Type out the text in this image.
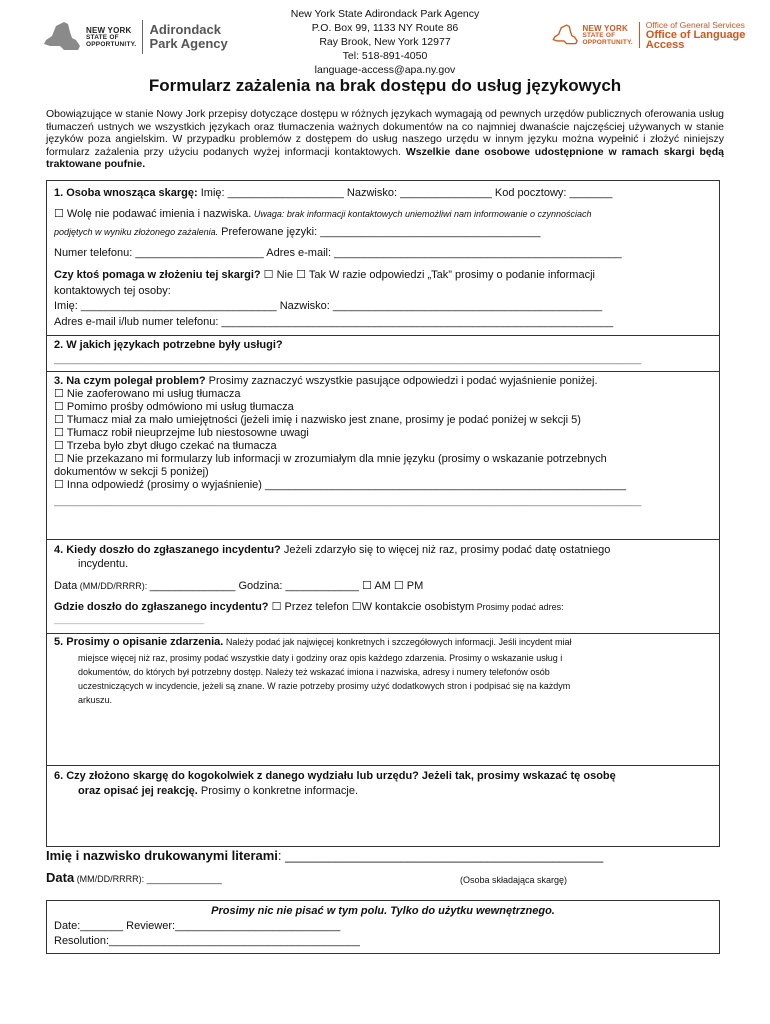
NEW YORK
STATE OF
OPPORTUNITY.
Adirondack
Park Agency
New York State Adirondack Park Agency
P.O. Box 99, 1133 NY Route 86
Ray Brook, New York 12977
Tel: 518-891-4050
language-access@apa.ny.gov
NEW YORK
STATE OF
OPPORTUNITY.
Office of General Services
Office of Language Access
Formularz zażalenia na brak dostępu do usług językowych
Obowiązujące w stanie Nowy Jork przepisy dotyczące dostępu w różnych językach wymagają od pewnych urzędów publicznych oferowania usług tłumaczeń ustnych we wszystkich językach oraz tłumaczenia ważnych dokumentów na co najmniej dwanaście najczęściej używanych w stanie języków poza angielskim. W przypadku problemów z dostępem do usług naszego urzędu w innym języku można wypełnić i złożyć niniejszy formularz zażalenia przy użyciu podanych wyżej informacji kontaktowych. Wszelkie dane osobowe udostępnione w ramach skargi będą traktowane poufnie.
1. Osoba wnosząca skargę: Imię: ___________________ Nazwisko: _______________ Kod pocztowy: _______
☐ Wolę nie podawać imienia i nazwiska. Uwaga: brak informacji kontaktowych uniemożliwi nam informowanie o czynnościach
podjętych w wyniku złożonego zażalenia. Preferowane języki: ____________________________________
Numer telefonu: _____________________ Adres e-mail: _______________________________________________
Czy ktoś pomaga w złożeniu tej skargi? ☐ Nie ☐ Tak W razie odpowiedzi „Tak” prosimy o podanie informacji
kontaktowych tej osoby:
Imię: ________________________________ Nazwisko: ____________________________________________
Adres e-mail i/lub numer telefonu: ________________________________________________________________
2. W jakich językach potrzebne były usługi?
________________________________________________________________________________________________
3. Na czym polegał problem? Prosimy zaznaczyć wszystkie pasujące odpowiedzi i podać wyjaśnienie poniżej.
☐ Nie zaoferowano mi usług tłumacza
☐ Pomimo prośby odmówiono mi usług tłumacza
☐ Tłumacz miał za mało umiejętności (jeżeli imię i nazwisko jest znane, prosimy je podać poniżej w sekcji 5)
☐ Tłumacz robił nieuprzejme lub niestosowne uwagi
☐ Trzeba było zbyt długo czekać na tłumacza
☐ Nie przekazano mi formularzy lub informacji w zrozumiałym dla mnie języku (prosimy o wskazanie potrzebnych
dokumentów w sekcji 5 poniżej)
☐ Inna odpowiedź (prosimy o wyjaśnienie) ___________________________________________________________
________________________________________________________________________________________________
4. Kiedy doszło do zgłaszanego incydentu? Jeżeli zdarzyło się to więcej niż raz, prosimy podać datę ostatniego
incydentu.
Data (MM/DD/RRRR): ______________ Godzina: ____________ ☐ AM ☐ PM
Gdzie doszło do zgłaszanego incydentu? ☐ Przez telefon ☐W kontakcie osobistym Prosimy podać adres:
______________________________
5. Prosimy o opisanie zdarzenia. Należy podać jak najwięcej konkretnych i szczegółowych informacji. Jeśli incydent miał
miejsce więcej niż raz, prosimy podać wszystkie daty i godziny oraz opis każdego zdarzenia. Prosimy o wskazanie usług i
dokumentów, do których był potrzebny dostęp. Należy też wskazać imiona i nazwiska, adresy i numery telefonów osób
uczestniczących w incydencie, jeżeli są znane. W razie potrzeby prosimy użyć dodatkowych stron i podpisać się na każdym
arkuszu.
6. Czy złożono skargę do kogokolwiek z danego wydziału lub urzędu? Jeżeli tak, prosimy wskazać tę osobę
oraz opisać jej reakcję. Prosimy o konkretne informacje.
Imię i nazwisko drukowanymi literami: ____________________________________________
Data (MM/DD/RRRR): _______________	(Osoba składająca skargę)
Prosimy nic nie pisać w tym polu. Tylko do użytku wewnętrznego.
Date:_______ Reviewer:___________________________
Resolution:_________________________________________
